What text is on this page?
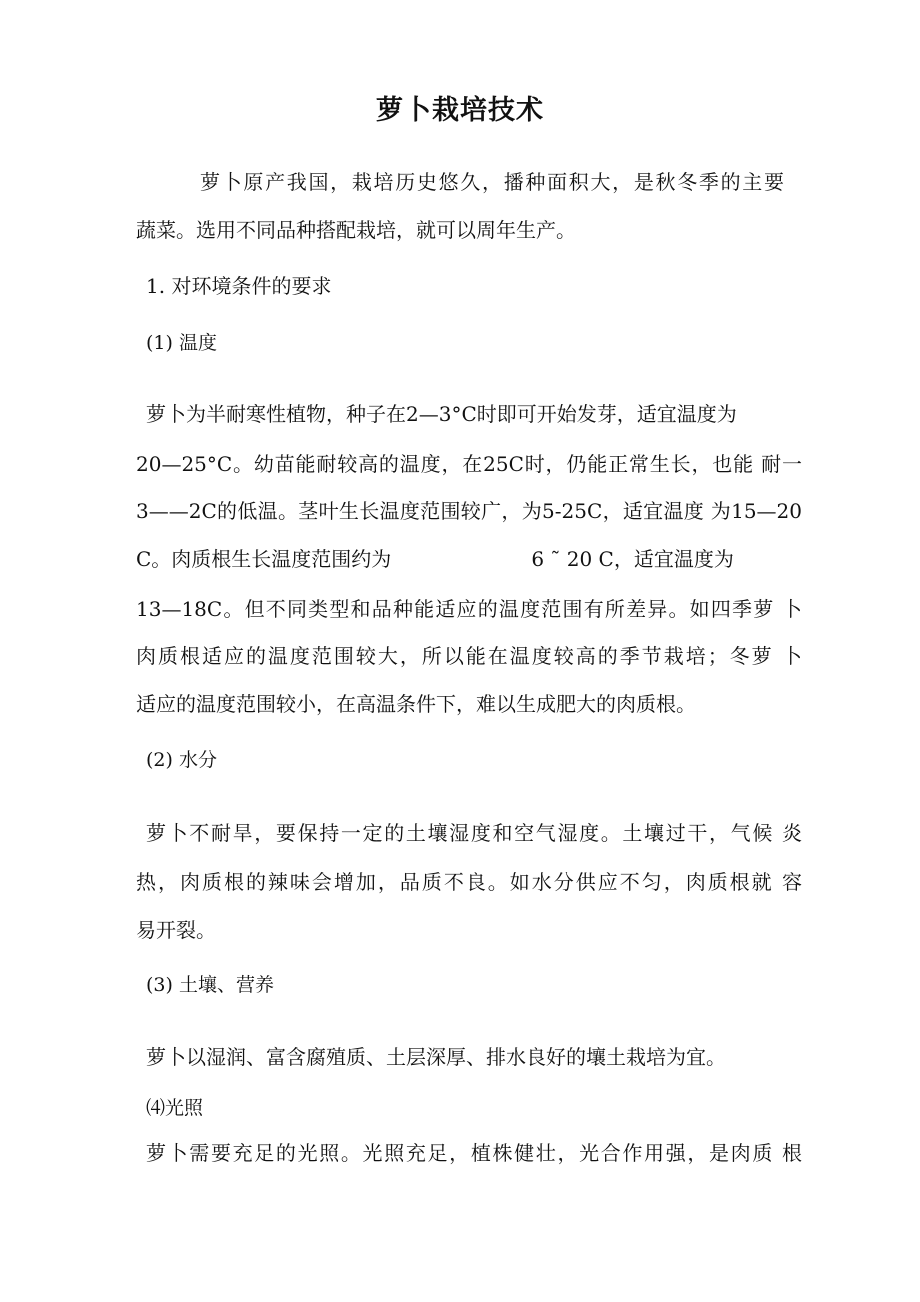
萝卜栽培技术
萝卜原产我国，栽培历史悠久，播种面积大，是秋冬季的主要
蔬菜。选用不同品种搭配栽培，就可以周年生产。
1. 对环境条件的要求
(1) 温度
萝卜为半耐寒性植物，种子在2—3°C时即可开始发芽，适宜温度为
20—25°C。幼苗能耐较高的温度，在25C时，仍能正常生长，也能 耐一
3——2C的低温。茎叶生长温度范围较广，为5-25C，适宜温度 为15—20
C。肉质根生长温度范围约为	6 ˜ 20 C，适宜温度为
13—18C。但不同类型和品种能适应的温度范围有所差异。如四季萝 卜
肉质根适应的温度范围较大，所以能在温度较高的季节栽培；冬萝 卜
适应的温度范围较小，在高温条件下，难以生成肥大的肉质根。
(2) 水分
萝卜不耐旱，要保持一定的土壤湿度和空气湿度。土壤过干，气候 炎
热，肉质根的辣味会增加，品质不良。如水分供应不匀，肉质根就 容
易开裂。
(3) 土壤、营养
萝卜以湿润、富含腐殖质、土层深厚、排水良好的壤土栽培为宜。
⑷光照
萝卜需要充足的光照。光照充足，植株健壮，光合作用强，是肉质 根
